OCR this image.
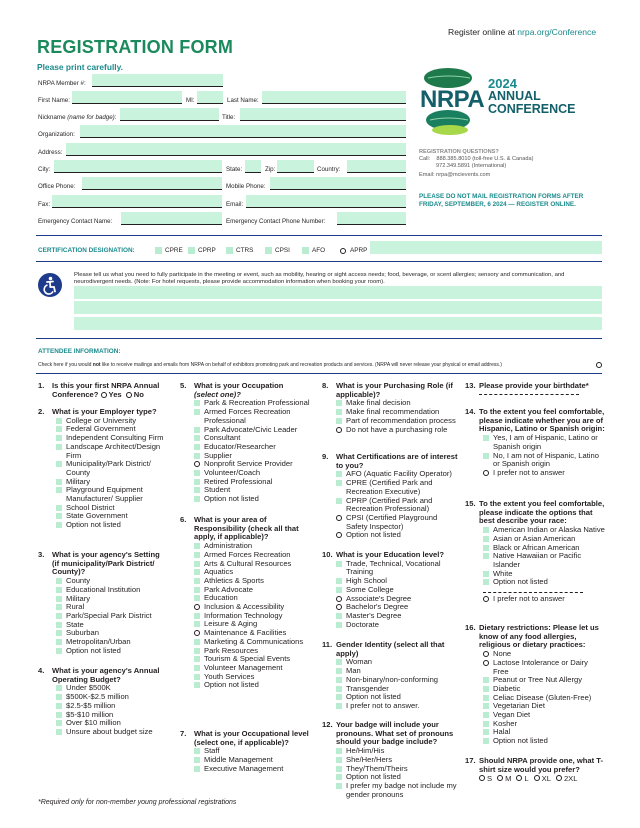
Register online at nrpa.org/Conference
REGISTRATION FORM
Please print carefully.
NRPA
2024
ANNUAL
CONFERENCE
REGISTRATION QUESTIONS?
Call: 888.385.8010 (toll-free U.S. & Canada)
972.349.5891 (International)
Email: nrpa@mcievents.com
PLEASE DO NOT MAIL REGISTRATION FORMS AFTER FRIDAY, SEPTEMBER, 6 2024 — REGISTER ONLINE.
NRPA Member #:
First Name:	MI:	Last Name:
Nickname (name for badge):	Title:
Organization:
Address:
City:	State:	Zip:	Country:
Office Phone:	Mobile Phone:
Fax:	Email:
Emergency Contact Name:	Emergency Contact Phone Number:
CERTIFICATION DESIGNATION:	CPRE CPRP	CTRS	CPSI	AFO	APRP
Please tell us what you need to fully participate in the meeting or event, such as mobility, hearing or sight access needs; food, beverage, or scent allergies; sensory and communication, and neurodivergent needs. (Note: For hotel requests, please provide accommodation information when booking your room).
ATTENDEE INFORMATION:
Check here if you would not like to receive mailings and emails from NRPA on behalf of exhibitors promoting park and recreation products and services. (NRPA will never release your physical or email address.)
1. Is this your first NRPA Annual Conference? Yes No
2. What is your Employer type?
College or University
Federal Government
Independent Consulting Firm
Landscape Architect/Design Firm
Municipality/Park District/ County
Military
Playground Equipment Manufacturer/ Supplier
School District
State Government
Option not listed
3. What is your agency's Setting (if municipality/Park District/ County)?
County
Educational Institution
Military
Rural
Park/Special Park District
State
Suburban
Metropolitan/Urban
Option not listed
4. What is your agency's Annual Operating Budget?
Under $500K
$500K-$2.5 million
$2.5-$5 million
$5-$10 million
Over $10 million
Unsure about budget size
5. What is your Occupation
(select one)?
Park & Recreation Professional
Armed Forces Recreation Professional
Park Advocate/Civic Leader
Consultant
Educator/Researcher
Supplier
Nonprofit Service Provider
Volunteer/Coach
Retired Professional
Student
Option not listed
6. What is your area of Responsibility (check all that apply, if applicable)?
Administration
Armed Forces Recreation
Arts & Cultural Resources
Aquatics
Athletics & Sports
Park Advocate
Education
Inclusion & Accessibility
Information Technology
Leisure & Aging
Maintenance & Facilities
Marketing & Communications
Park Resources
Tourism & Special Events
Volunteer Management
Youth Services
Option not listed
7. What is your Occupational level (select one, if applicable)?
Staff
Middle Management
Executive Management
8. What is your Purchasing Role (if applicable)?
Make final decision
Make final recommendation
Part of recommendation process
Do not have a purchasing role
9. What Certifications are of interest to you?
AFO (Aquatic Facility Operator)
CPRE (Certified Park and Recreation Executive)
CPRP (Certified Park and Recreation Professional)
CPSI (Certified Playground Safety Inspector)
Option not listed
10. What is your Education level?
Trade, Technical, Vocational Training
High School
Some College
Associate's Degree
Bachelor's Degree
Master's Degree
Doctorate
11. Gender Identity (select all that apply)
Woman
Man
Non-binary/non-conforming
Transgender
Option not listed
I prefer not to answer.
12. Your badge will include your pronouns. What set of pronouns should your badge include?
He/Him/His
She/Her/Hers
They/Them/Theirs
Option not listed
I prefer my badge not include my gender pronouns
13. Please provide your birthdate*
14. To the extent you feel comfortable, please indicate whether you are of Hispanic, Latino or Spanish origin:
Yes, I am of Hispanic, Latino or Spanish origin
No, I am not of Hispanic, Latino or Spanish origin
I prefer not to answer
15. To the extent you feel comfortable, please indicate the options that best describe your race:
American Indian or Alaska Native
Asian or Asian American
Black or African American
Native Hawaiian or Pacific Islander
White
Option not listed
I prefer not to answer
16. Dietary restrictions: Please let us know of any food allergies, religious or dietary practices:
None
Lactose Intolerance or Dairy Free
Peanut or Tree Nut Allergy
Diabetic
Celiac Disease (Gluten-Free)
Vegetarian Diet
Vegan Diet
Kosher
Halal
Option not listed
17. Should NRPA provide one, what T-shirt size would you prefer?
S	M	L	XL	2XL
*Required only for non-member young professional registrations
